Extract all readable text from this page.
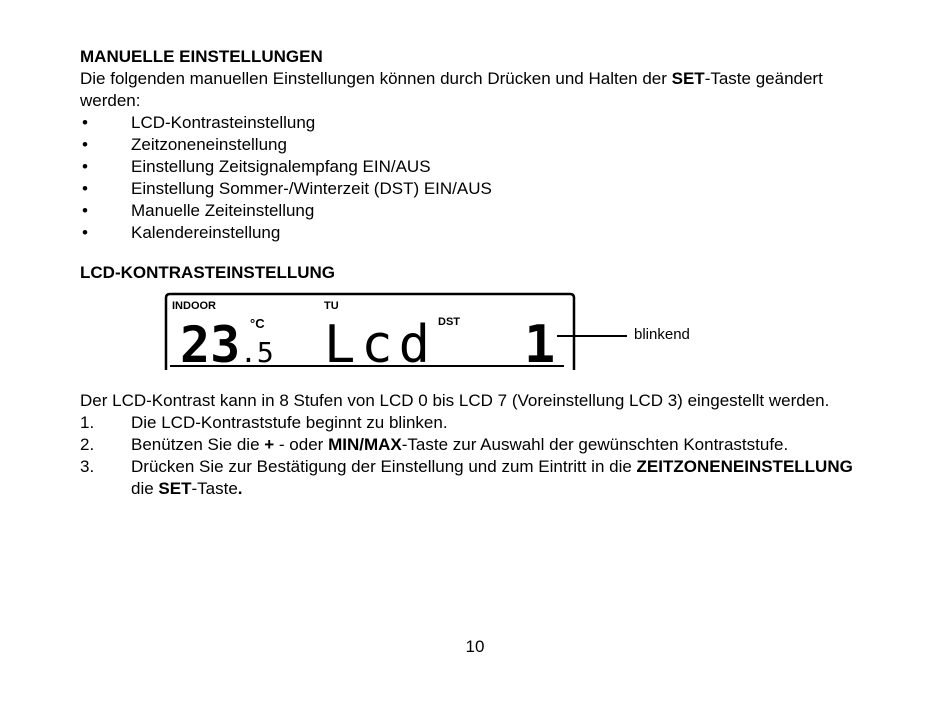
MANUELLE EINSTELLUNGEN

Die folgenden manuellen Einstellungen können durch Drücken und Halten der SET-Taste geändert werden:

•	LCD-Kontrasteinstellung
•	Zeitzoneneinstellung
•	Einstellung Zeitsignalempfang EIN/AUS
•	Einstellung Sommer-/Winterzeit (DST) EIN/AUS
•	Manuelle Zeiteinstellung
•	Kalendereinstellung
LCD-KONTRASTEINSTELLUNG
INDOOR	TU
DST
23 .5
°C Lcd 1	blinkend

Der LCD-Kontrast kann in 8 Stufen von LCD 0 bis LCD 7 (Voreinstellung LCD 3) eingestellt werden.

1. Die LCD-Kontraststufe beginnt zu blinken.
2. Benützen Sie die + - oder MIN/MAX-Taste zur Auswahl der gewünschten Kontraststufe.
3. Drücken Sie zur Bestätigung der Einstellung und zum Eintritt in die ZEITZONENEINSTELLUNG die SET-Taste.
10
